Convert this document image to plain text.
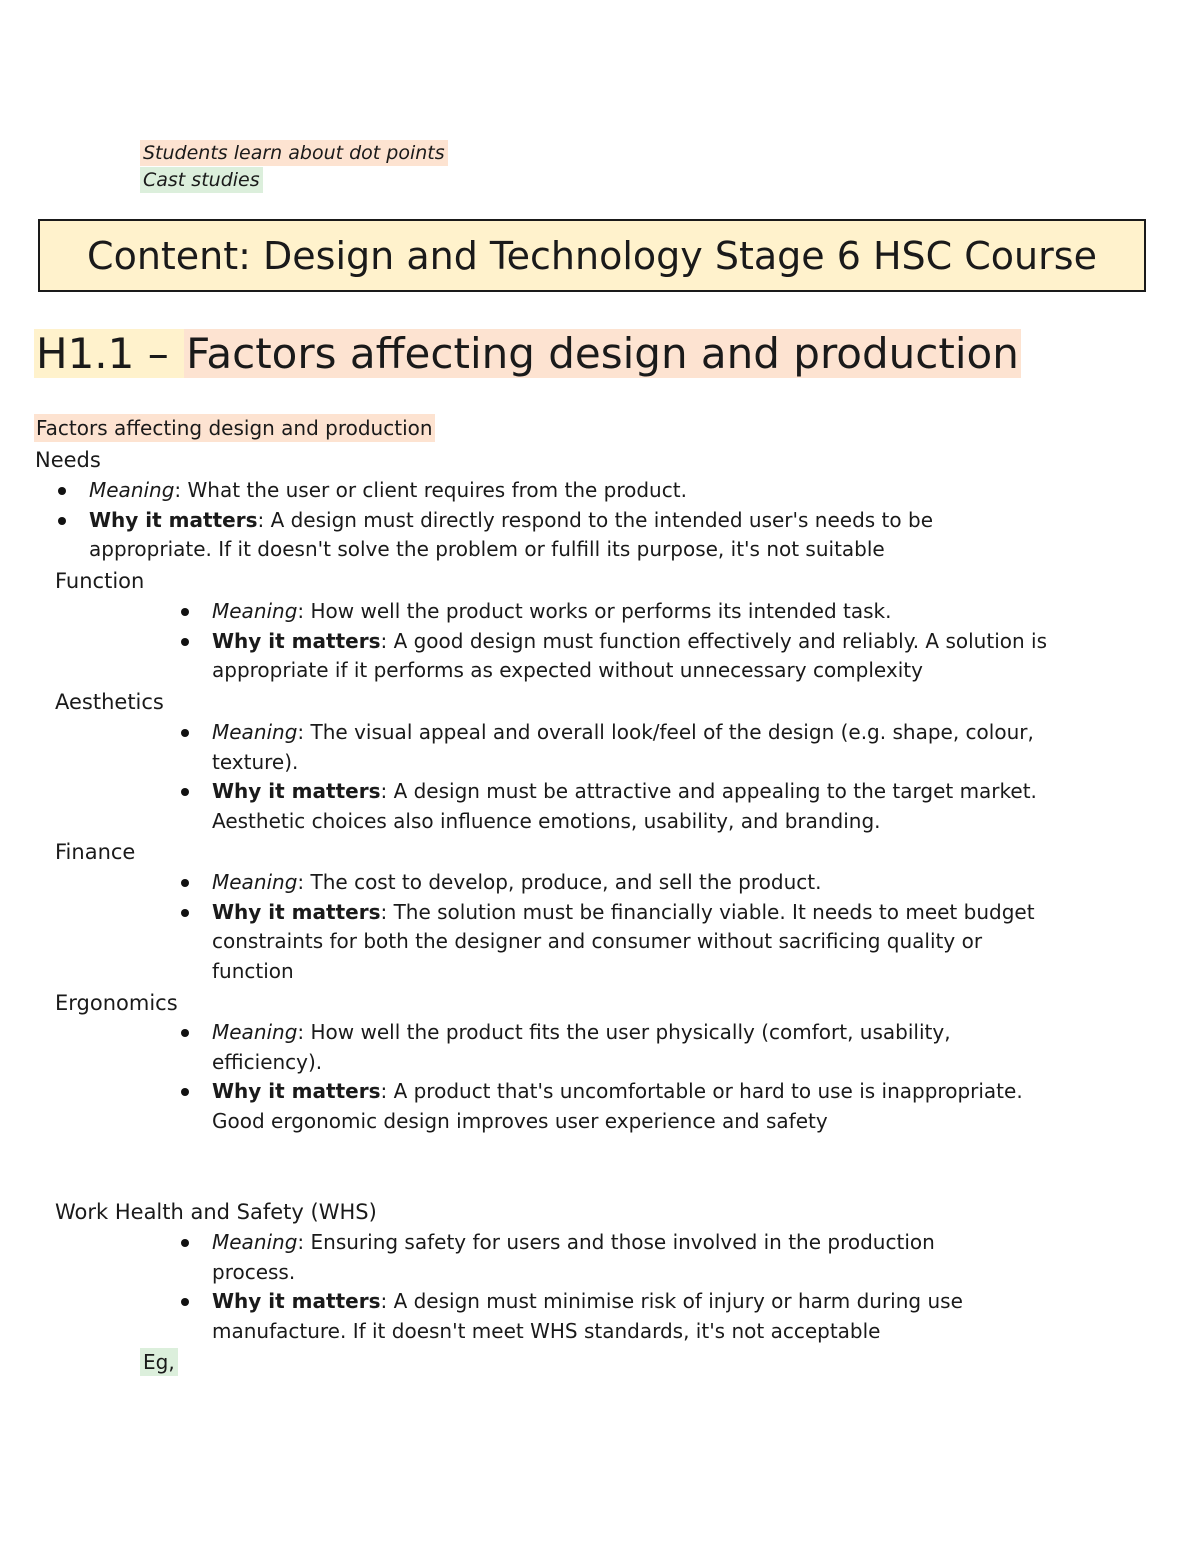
Students learn about dot points
Cast studies
Content: Design and Technology Stage 6 HSC Course
H1.1 – Factors affecting design and production
Factors affecting design and production
Needs
Meaning: What the user or client requires from the product.
Why it matters: A design must directly respond to the intended user's needs to be appropriate. If it doesn't solve the problem or fulfill its purpose, it's not suitable
Function
Meaning: How well the product works or performs its intended task.
Why it matters: A good design must function effectively and reliably. A solution is appropriate if it performs as expected without unnecessary complexity
Aesthetics
Meaning: The visual appeal and overall look/feel of the design (e.g. shape, colour, texture).
Why it matters: A design must be attractive and appealing to the target market. Aesthetic choices also influence emotions, usability, and branding.
Finance
Meaning: The cost to develop, produce, and sell the product.
Why it matters: The solution must be financially viable. It needs to meet budget constraints for both the designer and consumer without sacrificing quality or function
Ergonomics
Meaning: How well the product fits the user physically (comfort, usability, efficiency).
Why it matters: A product that's uncomfortable or hard to use is inappropriate. Good ergonomic design improves user experience and safety
Work Health and Safety (WHS)
Meaning: Ensuring safety for users and those involved in the production process.
Why it matters: A design must minimise risk of injury or harm during use manufacture. If it doesn't meet WHS standards, it's not acceptable
Eg,
